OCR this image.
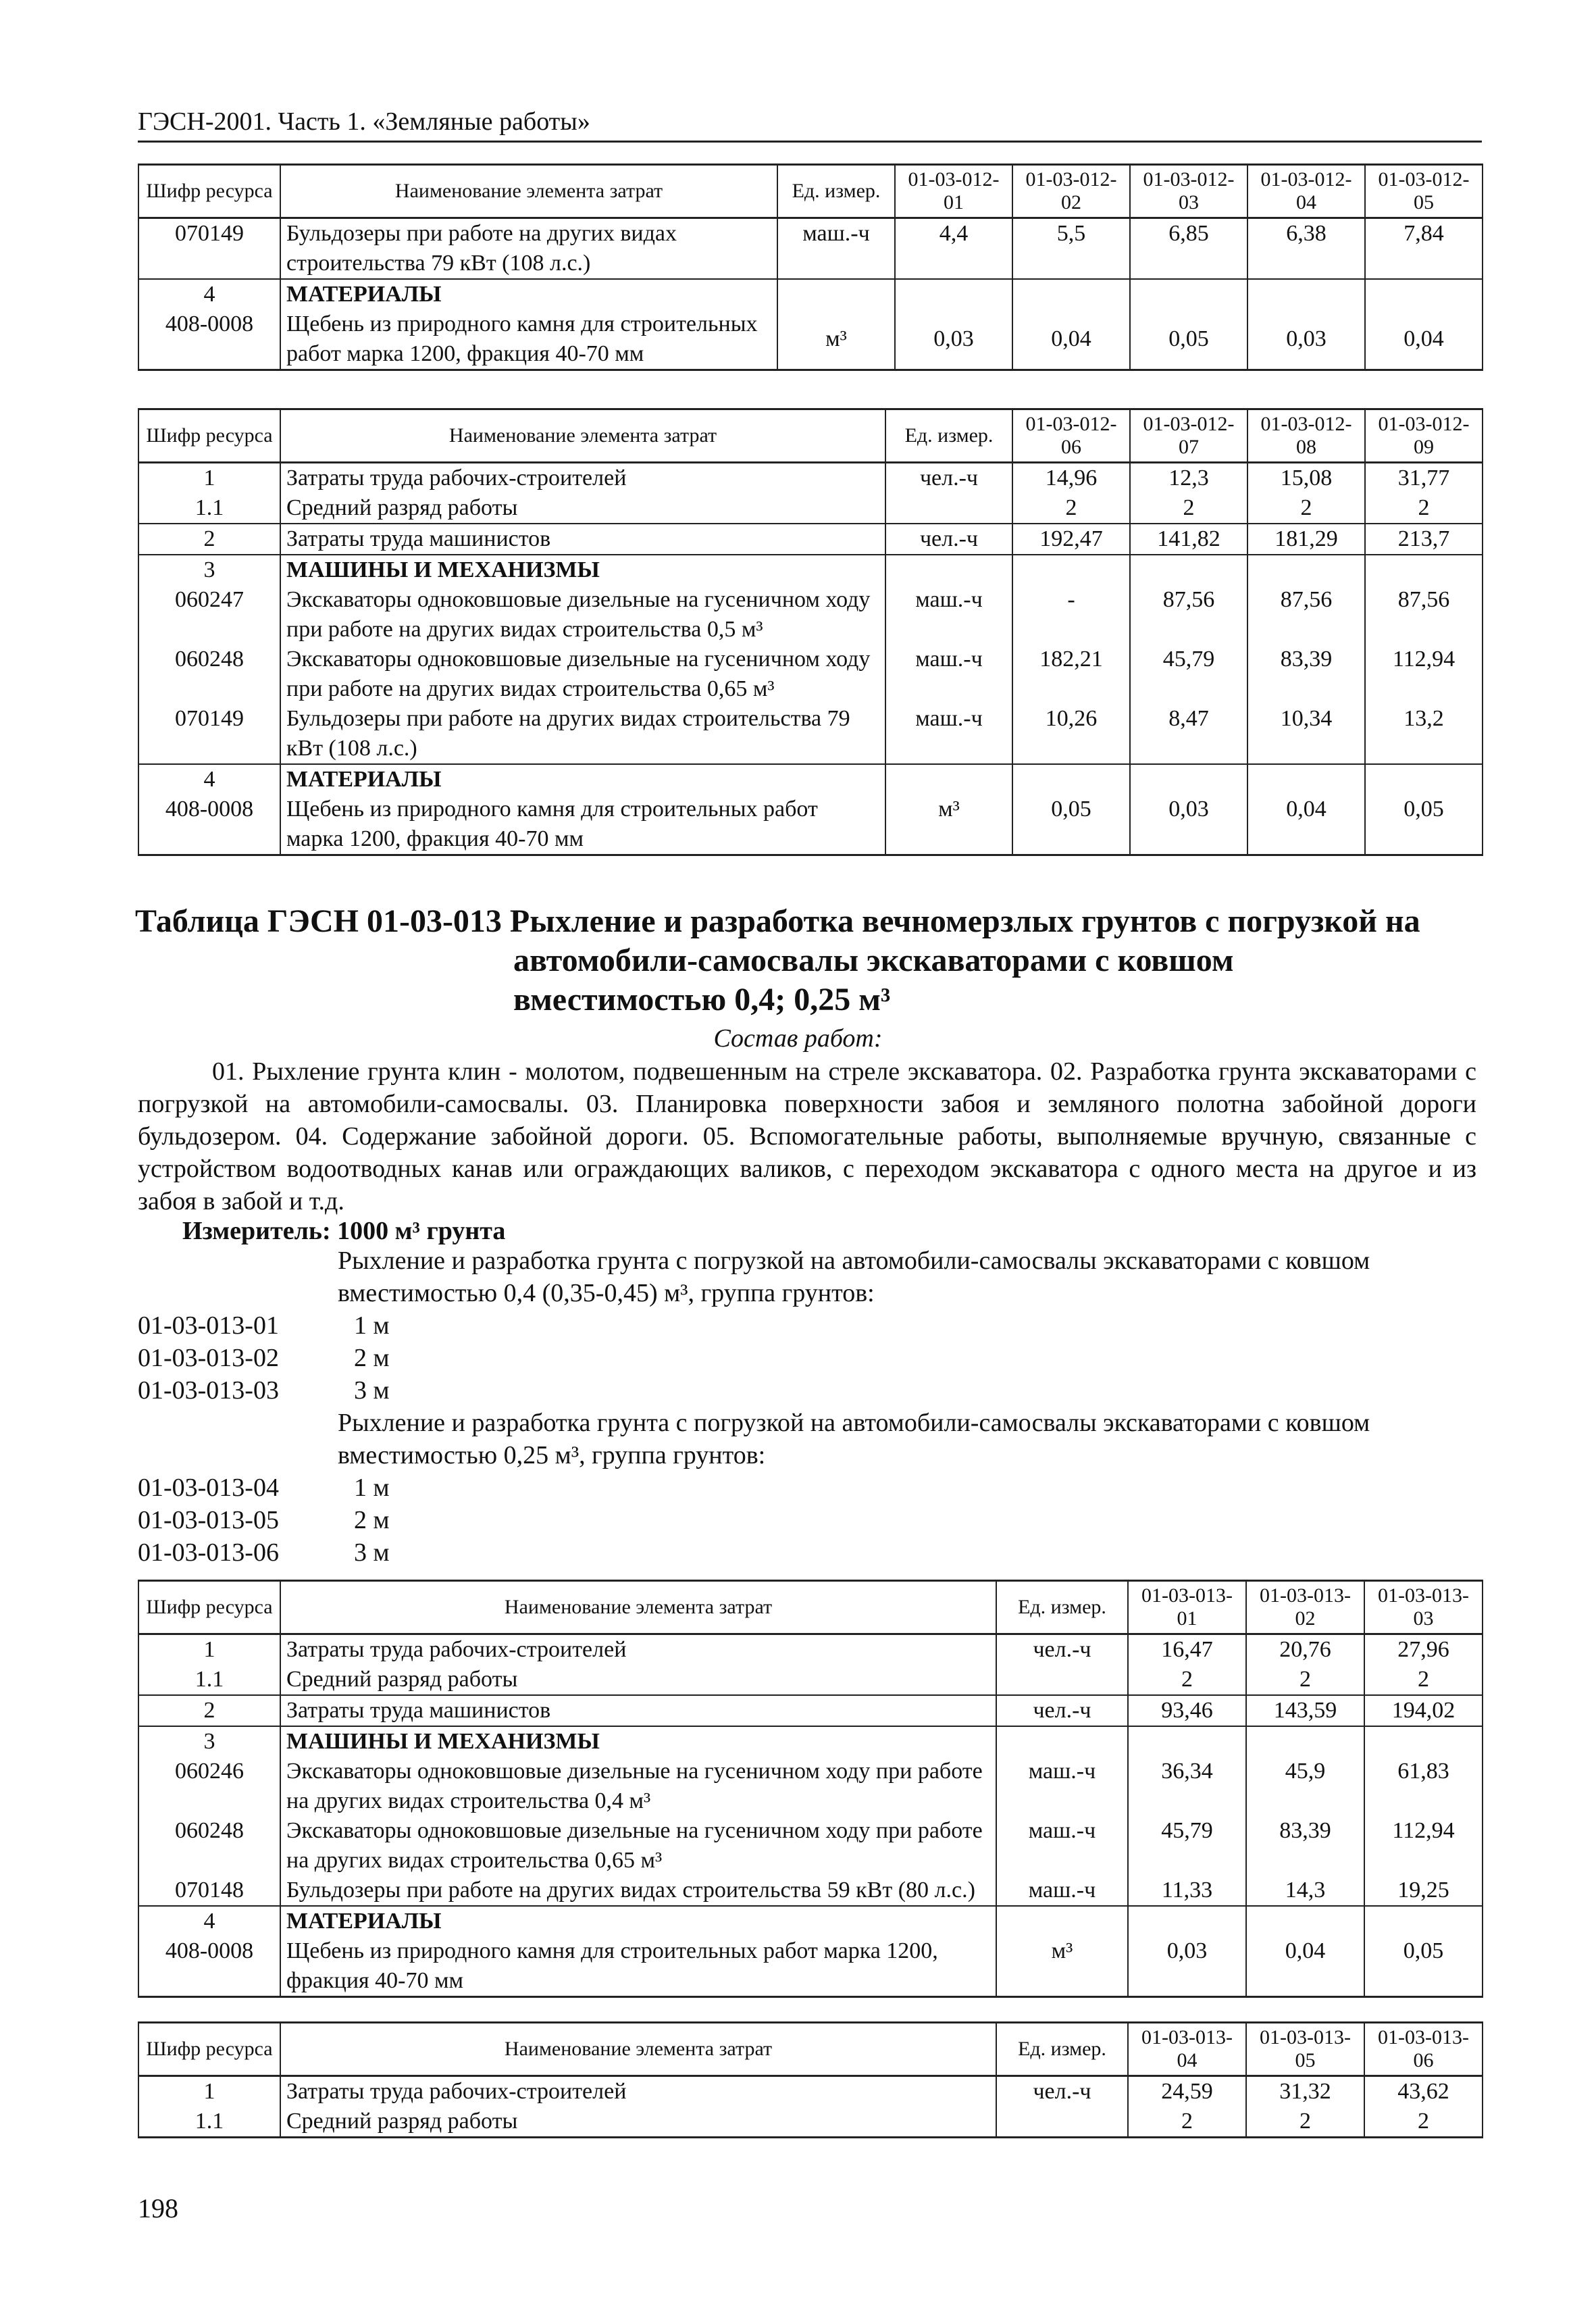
ГЭСН-2001. Часть 1. «Земляные работы»
Шифр ресурса	Наименование элемента затрат	Ед. измер.	01-03-012-01	01-03-012-02	01-03-012-03	01-03-012-04	01-03-012-05
070149	Бульдозеры при работе на других видах строительства 79 кВт (108 л.с.)	маш.-ч	4,4	5,5	6,85	6,38	7,84
4	МАТЕРИАЛЫ						
408-0008	Щебень из природного камня для строительных работ марка 1200, фракция 40-70 мм	м³	0,03	0,04	0,05	0,03	0,04
Шифр ресурса	Наименование элемента затрат	Ед. измер.	01-03-012-06	01-03-012-07	01-03-012-08	01-03-012-09
1	Затраты труда рабочих-строителей	чел.-ч	14,96	12,3	15,08	31,77
1.1	Средний разряд работы		2	2	2	2
2	Затраты труда машинистов	чел.-ч	192,47	141,82	181,29	213,7
3	МАШИНЫ И МЕХАНИЗМЫ					
060247	Экскаваторы одноковшовые дизельные на гусеничном ходу при работе на других видах строительства 0,5 м³	маш.-ч	-	87,56	87,56	87,56
060248	Экскаваторы одноковшовые дизельные на гусеничном ходу при работе на других видах строительства 0,65 м³	маш.-ч	182,21	45,79	83,39	112,94
070149	Бульдозеры при работе на других видах строительства 79 кВт (108 л.с.)	маш.-ч	10,26	8,47	10,34	13,2
4	МАТЕРИАЛЫ					
408-0008	Щебень из природного камня для строительных работ марка 1200, фракция 40-70 мм	м³	0,05	0,03	0,04	0,05
Таблица ГЭСН 01-03-013 Рыхление и разработка вечномерзлых грунтов с погрузкой на
автомобили-самосвалы экскаваторами с ковшом
вместимостью 0,4; 0,25 м³
Состав работ:

01. Рыхление грунта клин - молотом, подвешенным на стреле экскаватора. 02. Разработка грунта экскаваторами с погрузкой на автомобили-самосвалы. 03. Планировка поверхности забоя и земляного полотна забойной дороги бульдозером. 04. Содержание забойной дороги. 05. Вспомогательные работы, выполняемые вручную, связанные с устройством водоотводных канав или ограждающих валиков, с переходом экскаватора с одного места на другое и из забоя в забой и т.д.

Измеритель: 1000 м³ грунта
Рыхление и разработка грунта с погрузкой на автомобили-самосвалы экскаваторами с ковшом вместимостью 0,4 (0,35-0,45) м³, группа грунтов:
01-03-013-01	1 м
01-03-013-02	2 м
01-03-013-03	3 м
Рыхление и разработка грунта с погрузкой на автомобили-самосвалы экскаваторами с ковшом вместимостью 0,25 м³, группа грунтов:
01-03-013-04	1 м
01-03-013-05	2 м
01-03-013-06	3 м
Шифр ресурса	Наименование элемента затрат	Ед. измер.	01-03-013-01	01-03-013-02	01-03-013-03
1	Затраты труда рабочих-строителей	чел.-ч	16,47	20,76	27,96
1.1	Средний разряд работы		2	2	2
2	Затраты труда машинистов	чел.-ч	93,46	143,59	194,02
3	МАШИНЫ И МЕХАНИЗМЫ				
060246	Экскаваторы одноковшовые дизельные на гусеничном ходу при работе на других видах строительства 0,4 м³	маш.-ч	36,34	45,9	61,83
060248	Экскаваторы одноковшовые дизельные на гусеничном ходу при работе на других видах строительства 0,65 м³	маш.-ч	45,79	83,39	112,94
070148	Бульдозеры при работе на других видах строительства 59 кВт (80 л.с.)	маш.-ч	11,33	14,3	19,25
4	МАТЕРИАЛЫ				
408-0008	Щебень из природного камня для строительных работ марка 1200, фракция 40-70 мм	м³	0,03	0,04	0,05
Шифр ресурса	Наименование элемента затрат	Ед. измер.	01-03-013-04	01-03-013-05	01-03-013-06
1	Затраты труда рабочих-строителей	чел.-ч	24,59	31,32	43,62
1.1	Средний разряд работы		2	2	2
198
